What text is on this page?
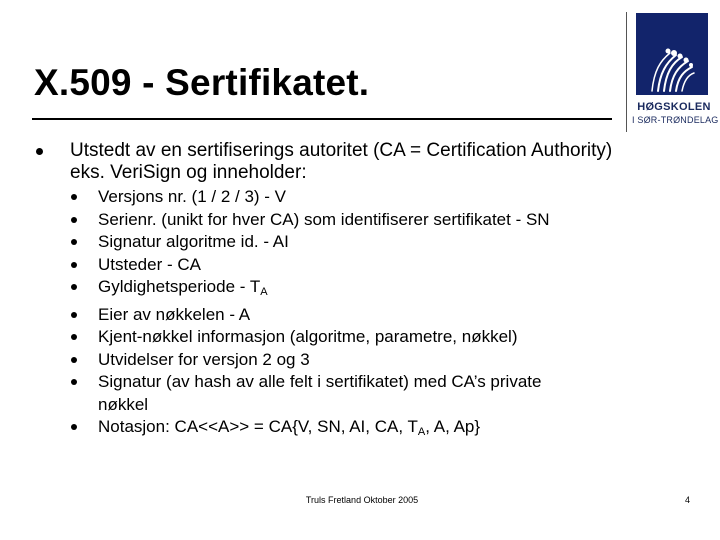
X.509 - Sertifikatet.
HØGSKOLEN
I SØR-TRØNDELAG
Utstedt av en sertifiserings autoritet (CA = Certification Authority)
eks. VeriSign og inneholder:
Versjons nr. (1 / 2 / 3) - V
Serienr. (unikt for hver CA) som identifiserer sertifikatet - SN
Signatur algoritme id. - AI
Utsteder - CA
Gyldighetsperiode - $T_A$
Eier av nøkkelen - A
Kjent-nøkkel informasjon (algoritme, parametre, nøkkel)
Utvidelser for versjon 2 og 3
Signatur (av hash av alle felt i sertifikatet) med CA’s private
nøkkel
Notasjon: CA<<A>> = CA{V, SN, AI, CA, $T_A$, A, Ap}
Truls Fretland Oktober 2005	4
